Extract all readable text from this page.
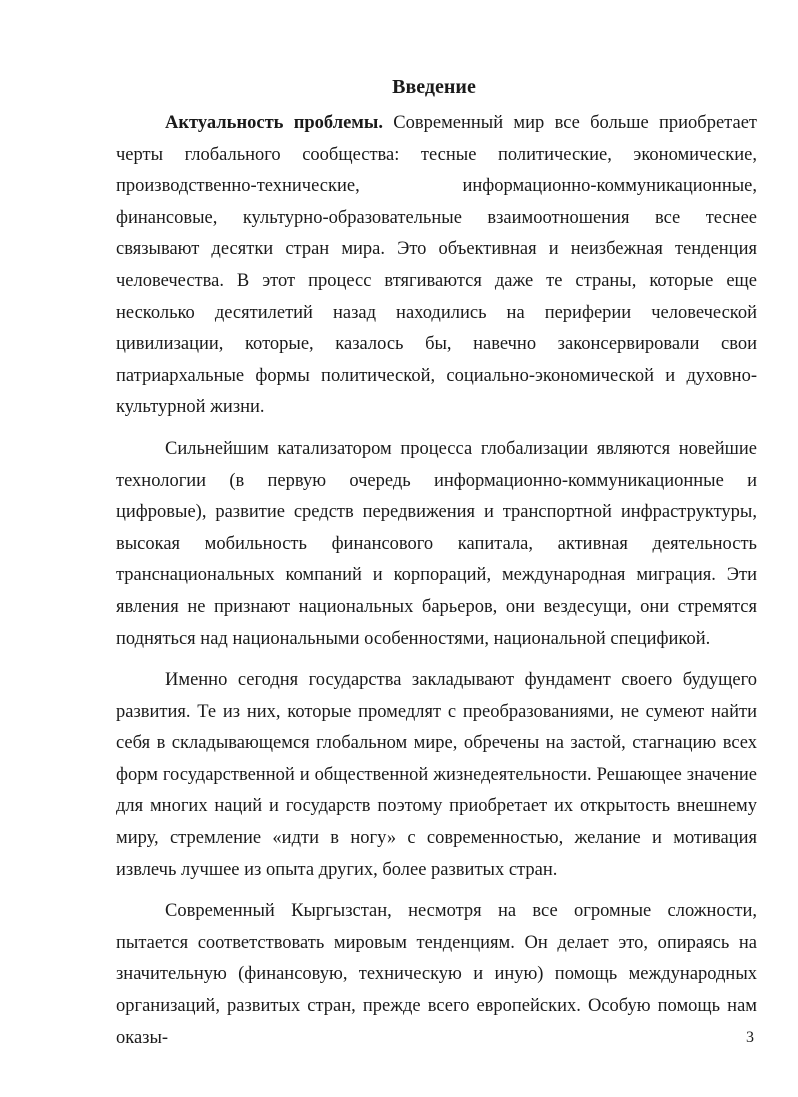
Введение

Актуальность проблемы. Современный мир все больше приобретает черты глобального сообщества: тесные политические, экономические, производственно-технические, информационно-коммуникационные, финансовые, культурно-образовательные взаимоотношения все теснее связывают десятки стран мира. Это объективная и неизбежная тенденция человечества. В этот процесс втягиваются даже те страны, которые еще несколько десятилетий назад находились на периферии человеческой цивилизации, которые, казалось бы, навечно законсервировали свои патриархальные формы политической, социально-экономической и духовно-культурной жизни.

Сильнейшим катализатором процесса глобализации являются новейшие технологии (в первую очередь информационно-коммуникационные и цифровые), развитие средств передвижения и транспортной инфраструктуры, высокая мобильность финансового капитала, активная деятельность транснациональных компаний и корпораций, международная миграция. Эти явления не признают национальных барьеров, они вездесущи, они стремятся подняться над национальными особенностями, национальной спецификой.

Именно сегодня государства закладывают фундамент своего будущего развития. Те из них, которые промедлят с преобразованиями, не сумеют найти себя в складывающемся глобальном мире, обречены на застой, стагнацию всех форм государственной и общественной жизнедеятельности. Решающее значение для многих наций и государств поэтому приобретает их открытость внешнему миру, стремление «идти в ногу» с современностью, желание и мотивация извлечь лучшее из опыта других, более развитых стран.

Современный Кыргызстан, несмотря на все огромные сложности, пытается соответствовать мировым тенденциям. Он делает это, опираясь на значительную (финансовую, техническую и иную) помощь международных организаций, развитых стран, прежде всего европейских. Особую помощь нам оказы-	3
